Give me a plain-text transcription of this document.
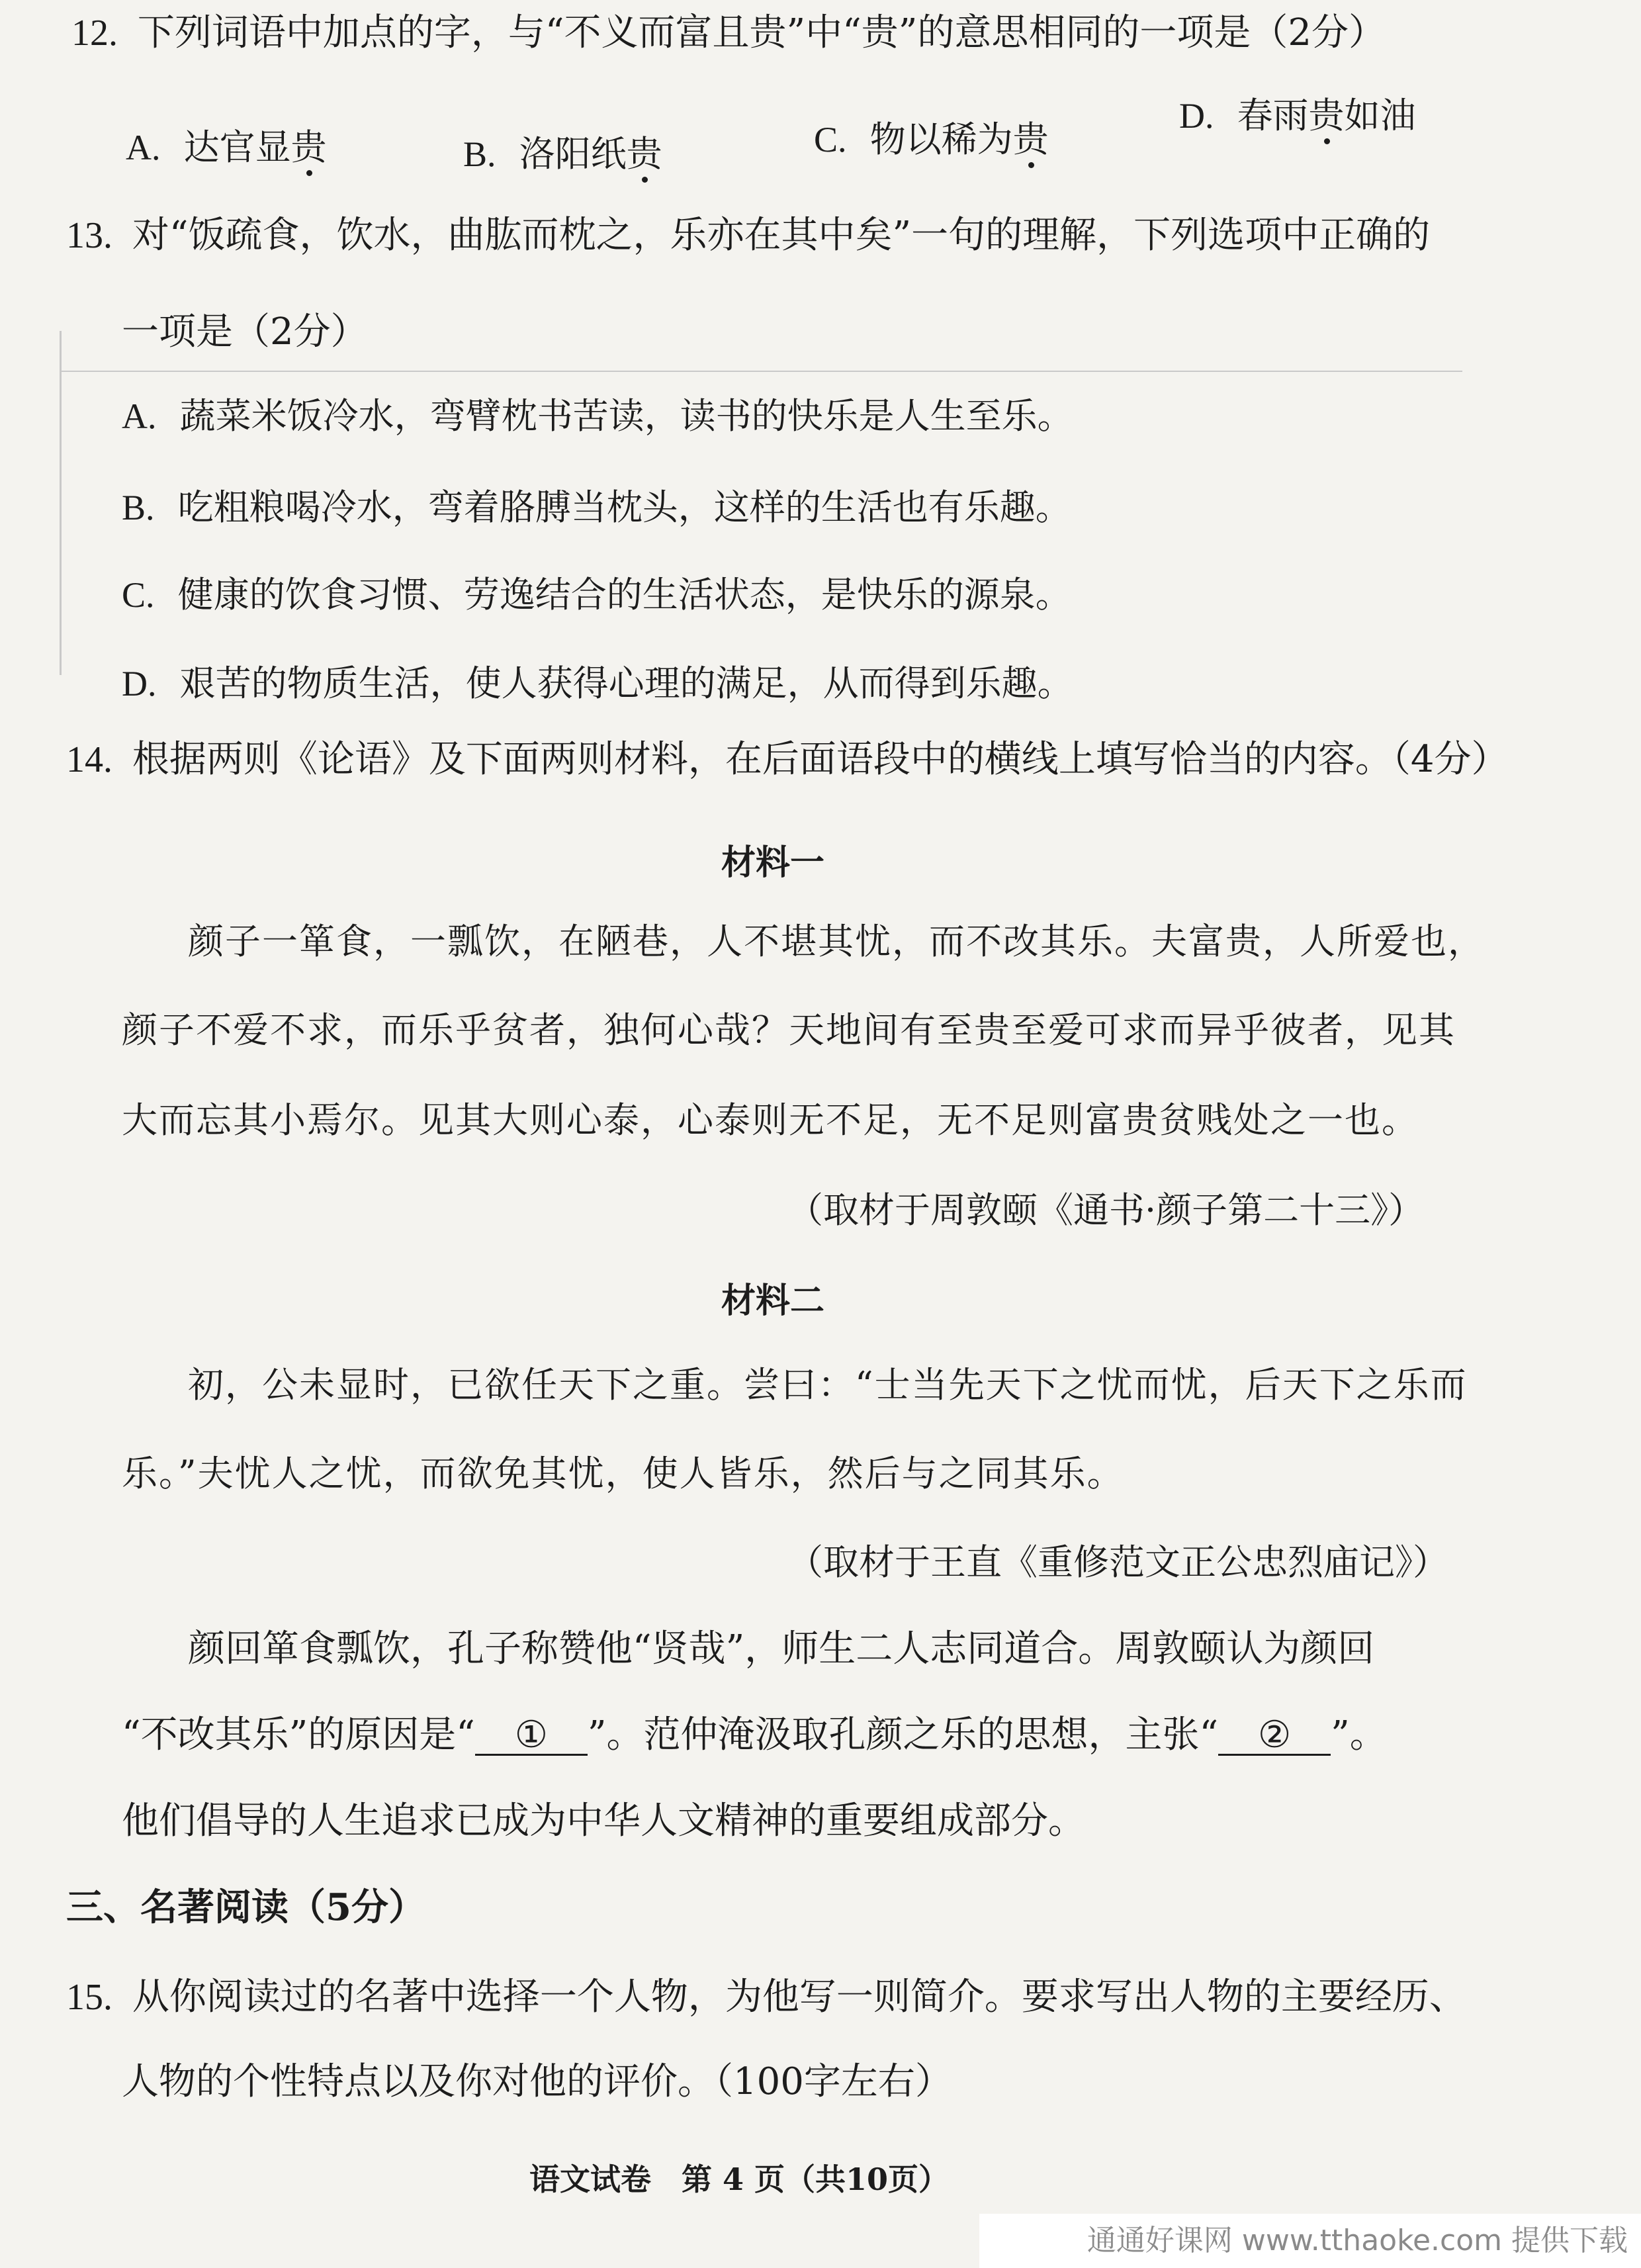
12. 下列词语中加点的字，与“不义而富且贵”中“贵”的意思相同的一项是（2分）
A. 达官显贵	B. 洛阳纸贵	C. 物以稀为贵
D. 春雨贵如油
13. 对“饭疏食，饮水，曲肱而枕之，乐亦在其中矣”一句的理解，下列选项中正确的
一项是（2分）
A. 蔬菜米饭冷水，弯臂枕书苦读，读书的快乐是人生至乐。
B. 吃粗粮喝冷水，弯着胳膊当枕头，这样的生活也有乐趣。
C. 健康的饮食习惯、劳逸结合的生活状态，是快乐的源泉。
D. 艰苦的物质生活，使人获得心理的满足，从而得到乐趣。
14. 根据两则《论语》及下面两则材料，在后面语段中的横线上填写恰当的内容。（4分）
材料一
颜子一箪食，一瓢饮，在陋巷，人不堪其忧，而不改其乐。夫富贵，人所爱也，
颜子不爱不求，而乐乎贫者，独何心哉？天地间有至贵至爱可求而异乎彼者，见其
大而忘其小焉尔。见其大则心泰，心泰则无不足，无不足则富贵贫贱处之一也。
（取材于周敦颐《通书·颜子第二十三》）
材料二
初，公未显时，已欲任天下之重。尝曰：“士当先天下之忧而忧，后天下之乐而
乐。”夫忧人之忧，而欲免其忧，使人皆乐，然后与之同其乐。
（取材于王直《重修范文正公忠烈庙记》）
颜回箪食瓢饮，孔子称赞他“贤哉”，师生二人志同道合。周敦颐认为颜回
“不改其乐”的原因是“ ① ”。范仲淹汲取孔颜之乐的思想，主张“ ② ”。
他们倡导的人生追求已成为中华人文精神的重要组成部分。
三、名著阅读（5分）
15. 从你阅读过的名著中选择一个人物，为他写一则简介。要求写出人物的主要经历、
人物的个性特点以及你对他的评价。（100字左右）
语文试卷　第 4 页（共10页）
通通好课网 www.tthaoke.com 提供下载
